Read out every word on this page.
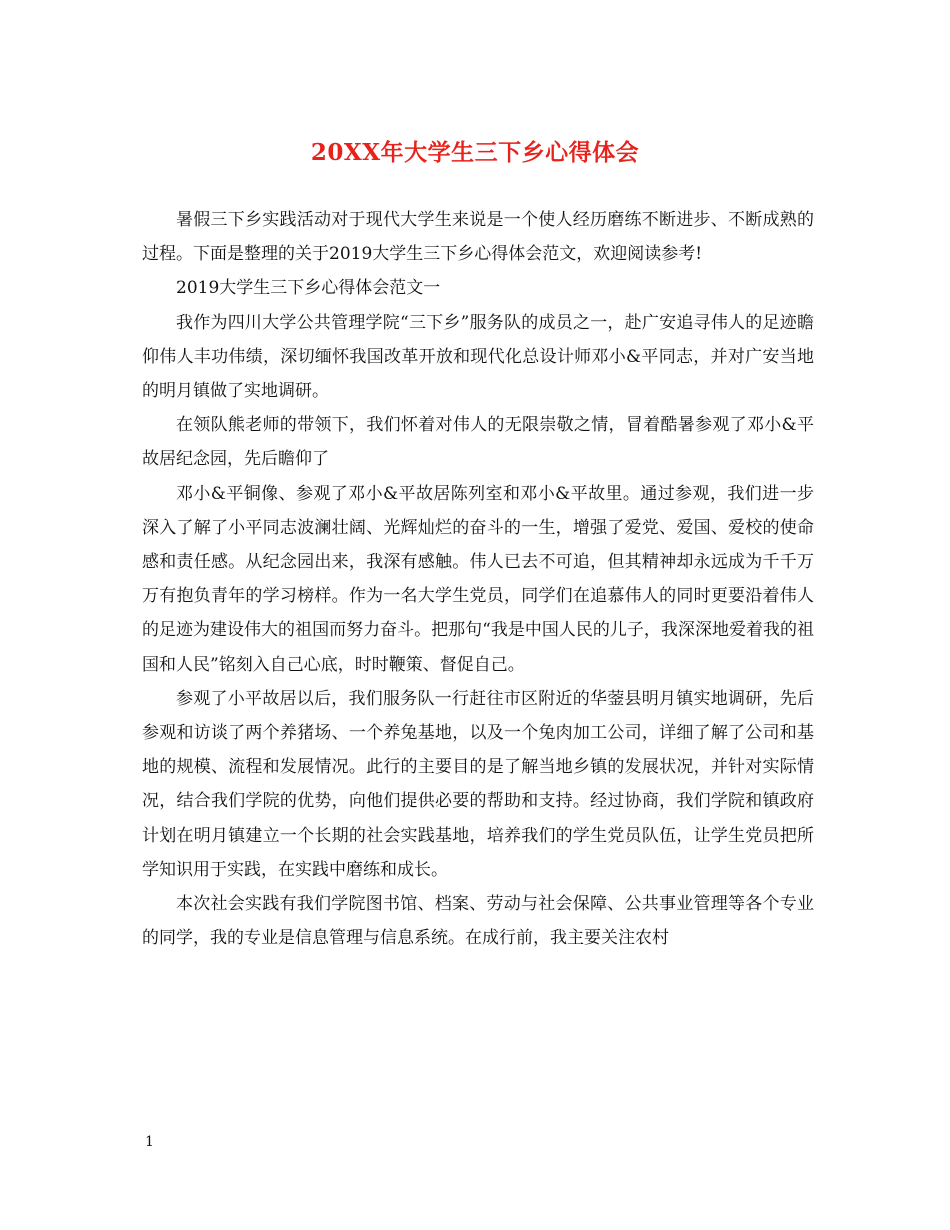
20XX年大学生三下乡心得体会

暑假三下乡实践活动对于现代大学生来说是一个使人经历磨练不断进步、不断成熟的过程。下面是整理的关于2019大学生三下乡心得体会范文，欢迎阅读参考!

2019大学生三下乡心得体会范文一

我作为四川大学公共管理学院“三下乡”服务队的成员之一，赴广安追寻伟人的足迹瞻仰伟人丰功伟绩，深切缅怀我国改革开放和现代化总设计师邓小&平同志，并对广安当地的明月镇做了实地调研。

在领队熊老师的带领下，我们怀着对伟人的无限崇敬之情，冒着酷暑参观了邓小&平故居纪念园，先后瞻仰了

邓小&平铜像、参观了邓小&平故居陈列室和邓小&平故里。通过参观，我们进一步深入了解了小平同志波澜壮阔、光辉灿烂的奋斗的一生，增强了爱党、爱国、爱校的使命感和责任感。从纪念园出来，我深有感触。伟人已去不可追，但其精神却永远成为千千万万有抱负青年的学习榜样。作为一名大学生党员，同学们在追慕伟人的同时更要沿着伟人的足迹为建设伟大的祖国而努力奋斗。把那句“我是中国人民的儿子，我深深地爱着我的祖国和人民”铭刻入自己心底，时时鞭策、督促自己。

参观了小平故居以后，我们服务队一行赶往市区附近的华蓥县明月镇实地调研，先后参观和访谈了两个养猪场、一个养兔基地，以及一个兔肉加工公司，详细了解了公司和基地的规模、流程和发展情况。此行的主要目的是了解当地乡镇的发展状况，并针对实际情况，结合我们学院的优势，向他们提供必要的帮助和支持。经过协商，我们学院和镇政府计划在明月镇建立一个长期的社会实践基地，培养我们的学生党员队伍，让学生党员把所学知识用于实践，在实践中磨练和成长。

本次社会实践有我们学院图书馆、档案、劳动与社会保障、公共事业管理等各个专业的同学，我的专业是信息管理与信息系统。在成行前，我主要关注农村

1
